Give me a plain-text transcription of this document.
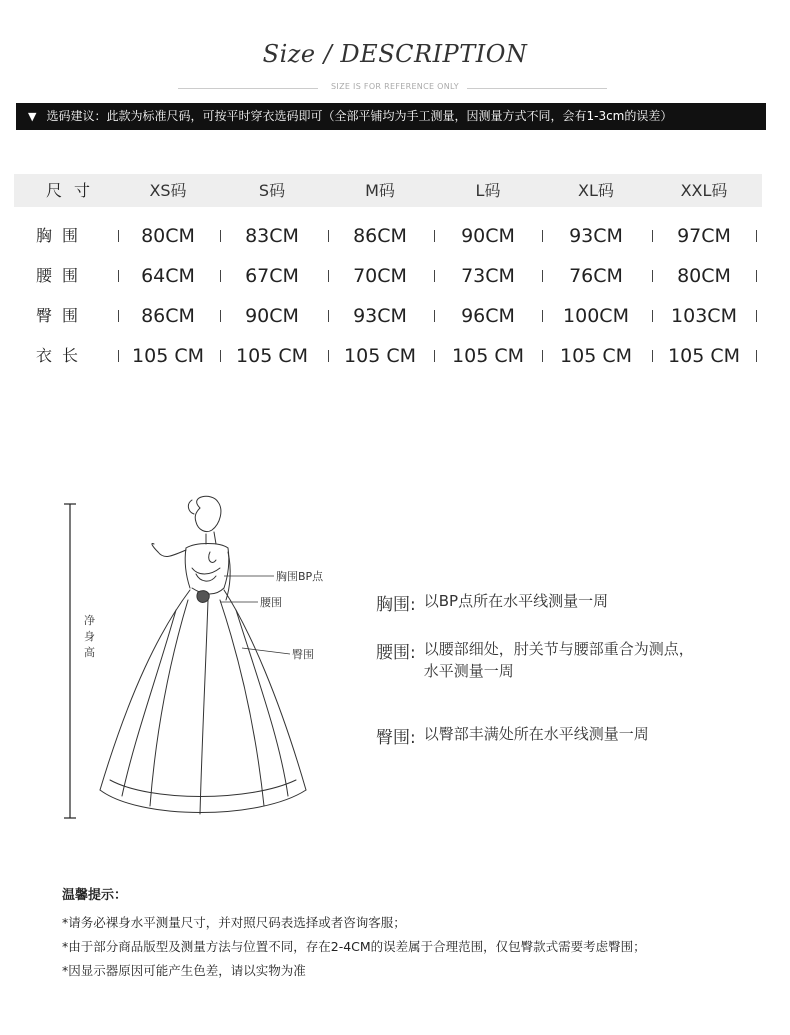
Size / DESCRIPTION
SIZE IS FOR REFERENCE ONLY
▼ 选码建议：此款为标准尺码，可按平时穿衣选码即可（全部平铺均为手工测量，因测量方式不同，会有1-3cm的误差）
尺寸	XS码	S码	M码	L码	XL码	XXL码
胸围	80CM	83CM	86CM	90CM	93CM	97CM
腰围	64CM	67CM	70CM	73CM	76CM	80CM
臀围	86CM	90CM	93CM	96CM	100CM	103CM
衣长	105 CM	105 CM	105 CM	105 CM	105 CM	105 CM
净
身
高
胸围BP点
腰围
臀围
胸围: 以BP点所在水平线测量一周
腰围: 以腰部细处，肘关节与腰部重合为测点，水平测量一周
臀围: 以臀部丰满处所在水平线测量一周
温馨提示：
*请务必裸身水平测量尺寸，并对照尺码表选择或者咨询客服；
*由于部分商品版型及测量方法与位置不同，存在2-4CM的误差属于合理范围，仅包臀款式需要考虑臀围；
*因显示器原因可能产生色差，请以实物为准
